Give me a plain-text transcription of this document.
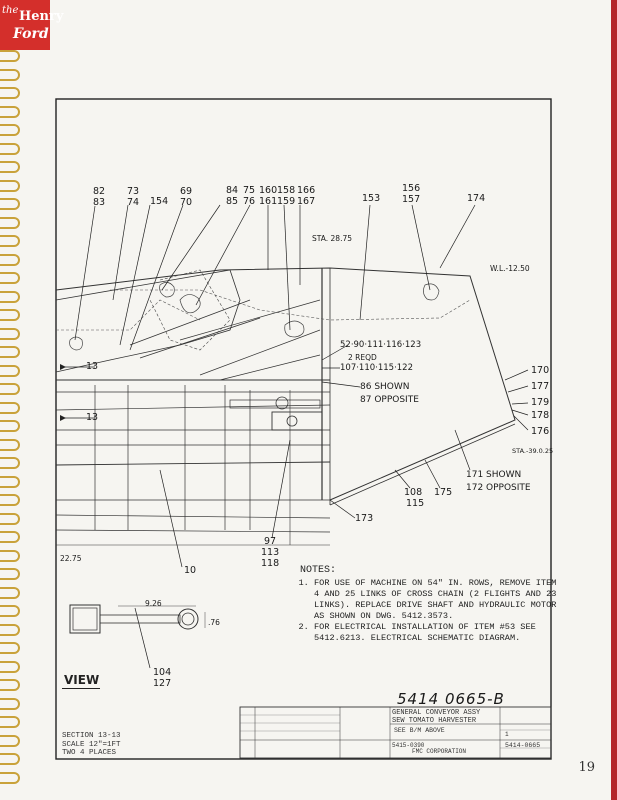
the Henry
Ford
82
83
73
74 154
69
70
84 75
85 76
160
161
158
159
166
167	153
156
157	174
STA. 28.75
W.L.-12.50
52·90·111·116·123
2 REQD
107·110·115·122
86 SHOWN
87 OPPOSITE
170
177
179
178
176
STA.-39.0.25
171 SHOWN
172 OPPOSITE
108
115
175
173
13
13
97
113
118
10
104
127
22.75
9.26
.76
NOTES:
1. FOR USE OF MACHINE ON 54" IN. ROWS, REMOVE ITEM 4 AND 25 LINKS OF CROSS CHAIN (2 FLIGHTS AND 23 LINKS). REPLACE DRIVE SHAFT AND HYDRAULIC MOTOR AS SHOWN ON DWG. 5412.3573.
2. FOR ELECTRICAL INSTALLATION OF ITEM #53 SEE 5412.6213. ELECTRICAL SCHEMATIC DIAGRAM.
VIEW
SECTION 13-13
SCALE 12"=1FT
TWO 4 PLACES
5414 0665-B
GENERAL CONVEYOR ASSY
SEW TOMATO HARVESTER
SEE B/M ABOVE
FMC CORPORATION
5414-0665
1
5415-0390
19
